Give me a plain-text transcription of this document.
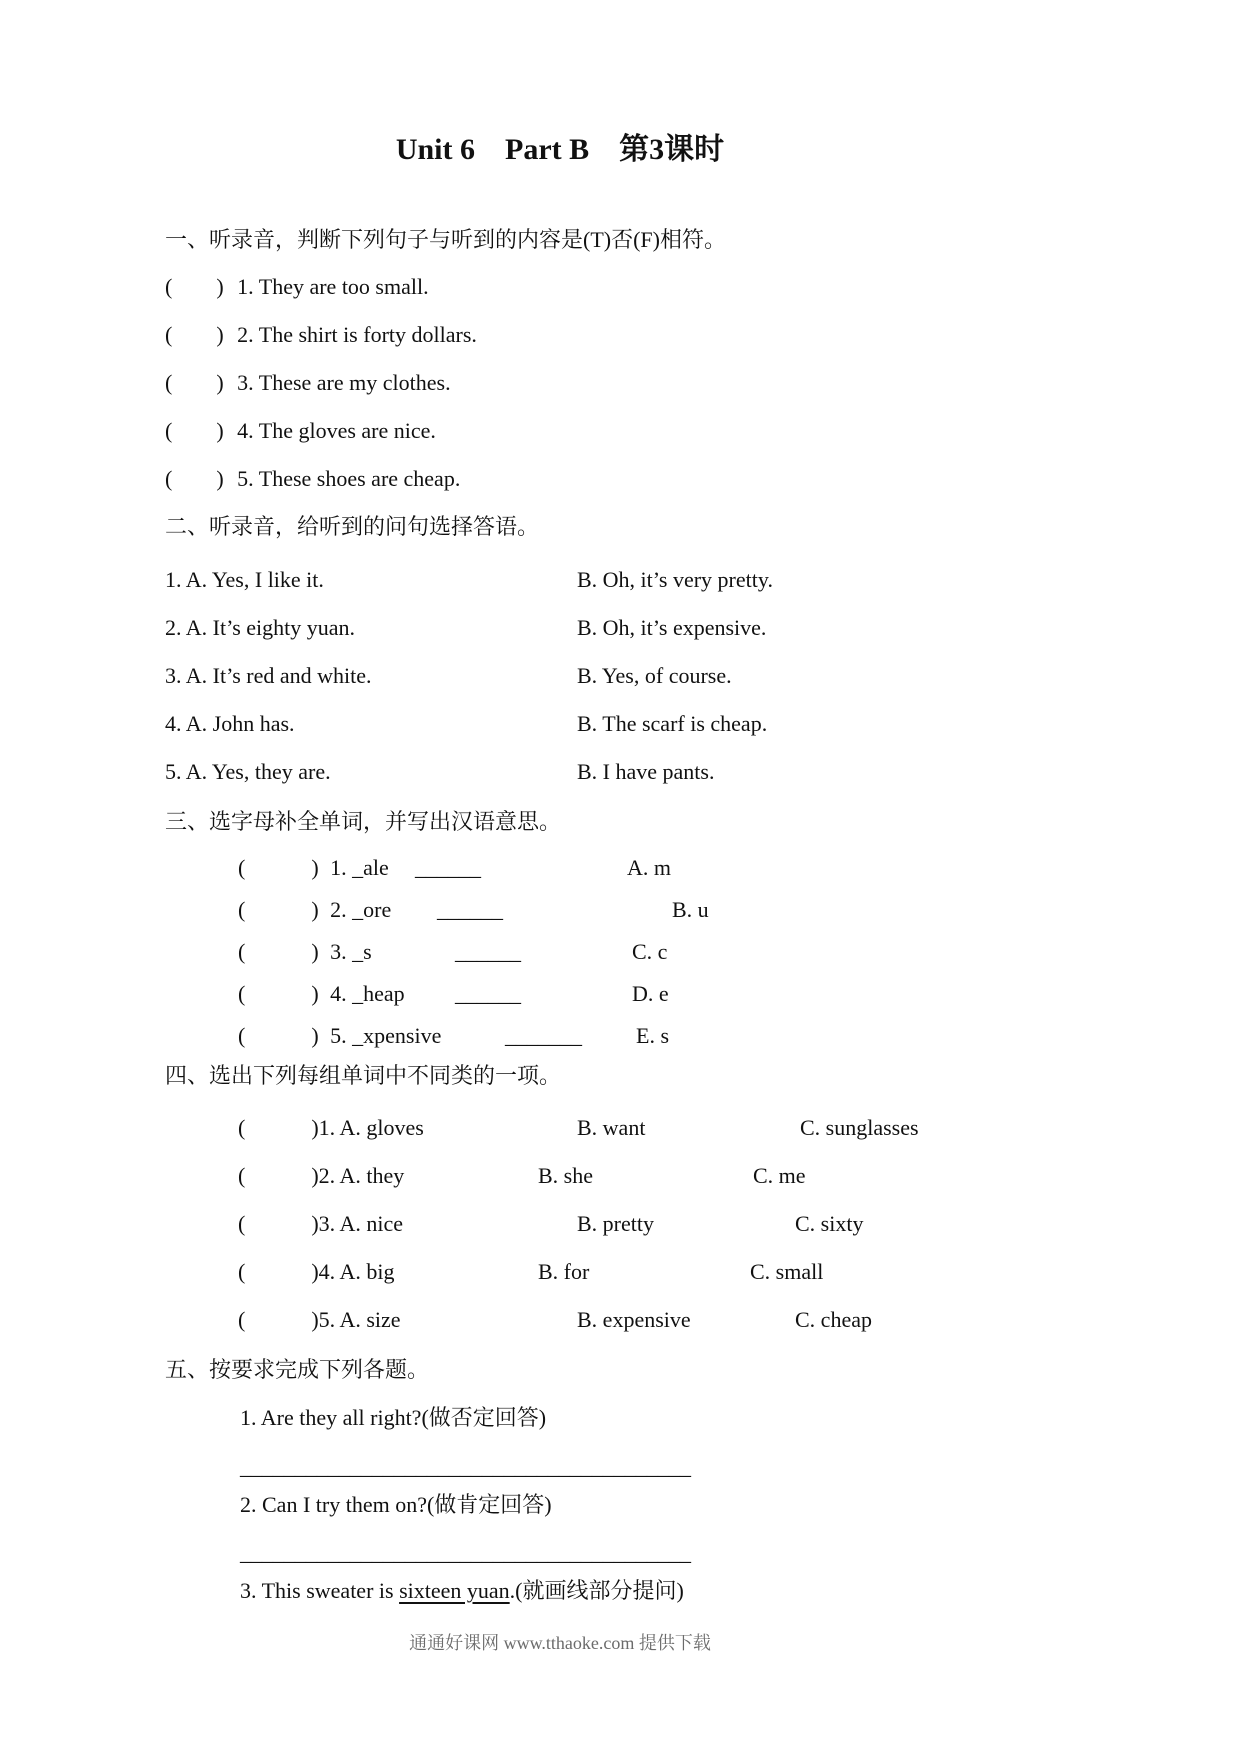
Unit 6　Part B　第3课时
一、听录音，判断下列句子与听到的内容是(T)否(F)相符。
(　　) 1. They are too small.
(　　) 2. The shirt is forty dollars.
(　　) 3. These are my clothes.
(　　) 4. The gloves are nice.
(　　) 5. These shoes are cheap.
二、听录音，给听到的问句选择答语。
1. A. Yes, I like it.	B. Oh, it’s very pretty.
2. A. It’s eighty yuan.	B. Oh, it’s expensive.
3. A. It’s red and white.	B. Yes, of course.
4. A. John has.	B. The scarf is cheap.
5. A. Yes, they are.	B. I have pants.
三、选字母补全单词，并写出汉语意思。
(　　　) 1. _ale ______	A. m
(　　　) 2. _ore ______	B. u
(　　　) 3. _s	______	C. c
(　　　) 4. _heap ______	D. e
(　　　) 5. _xpensive	_______ E. s
四、选出下列每组单词中不同类的一项。
(　　　)1. A. gloves	B. want	C. sunglasses
(　　　)2. A. they	B. she	C. me
(　　　)3. A. nice	B. pretty	C. sixty
(　　　)4. A. big	B. for	C. small
(　　　)5. A. size	B. expensive	C. cheap
五、按要求完成下列各题。
1. Are they all right?(做否定回答)
_________________________________________
2. Can I try them on?(做肯定回答)
_________________________________________
3. This sweater is sixteen yuan.(就画线部分提问)
通通好课网 www.tthaoke.com 提供下载
